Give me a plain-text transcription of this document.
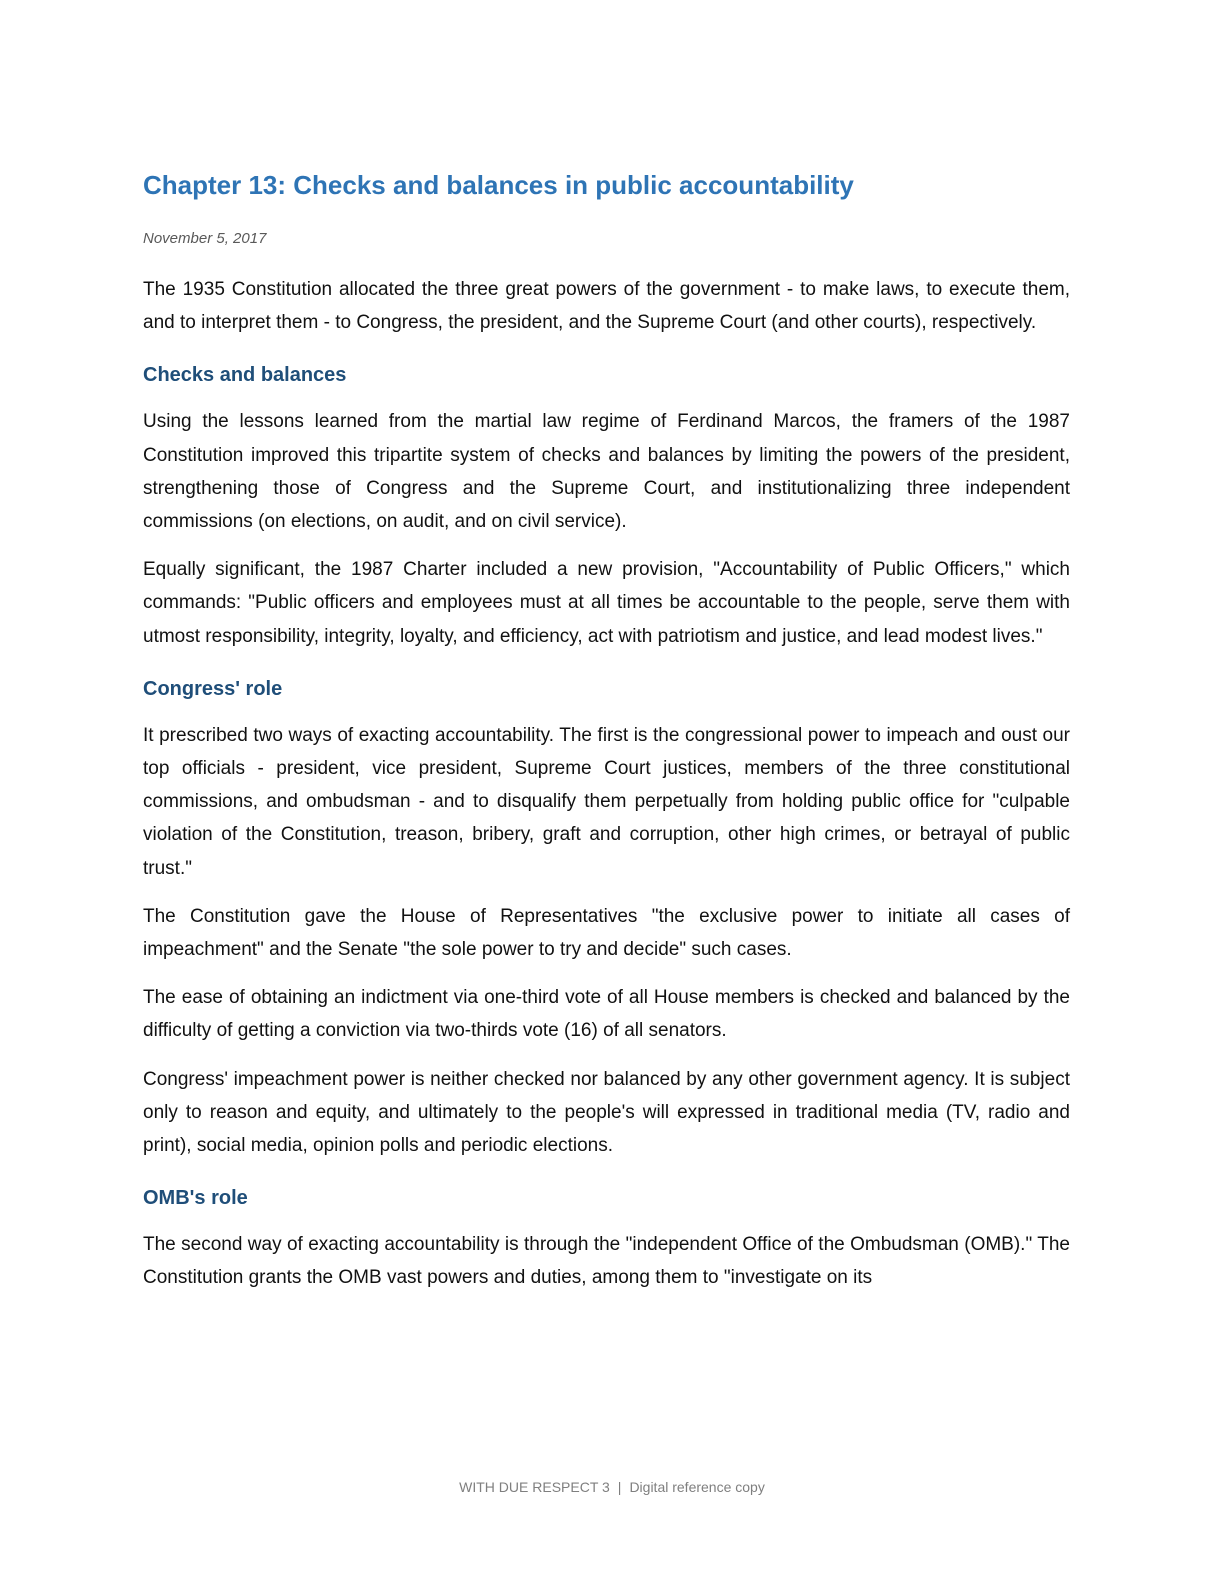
Chapter 13: Checks and balances in public accountability
November 5, 2017

The 1935 Constitution allocated the three great powers of the government - to make laws, to execute them, and to interpret them - to Congress, the president, and the Supreme Court (and other courts), respectively.

Checks and balances

Using the lessons learned from the martial law regime of Ferdinand Marcos, the framers of the 1987 Constitution improved this tripartite system of checks and balances by limiting the powers of the president, strengthening those of Congress and the Supreme Court, and institutionalizing three independent commissions (on elections, on audit, and on civil service).

Equally significant, the 1987 Charter included a new provision, "Accountability of Public Officers," which commands: "Public officers and employees must at all times be accountable to the people, serve them with utmost responsibility, integrity, loyalty, and efficiency, act with patriotism and justice, and lead modest lives."

Congress' role

It prescribed two ways of exacting accountability. The first is the congressional power to impeach and oust our top officials - president, vice president, Supreme Court justices, members of the three constitutional commissions, and ombudsman - and to disqualify them perpetually from holding public office for "culpable violation of the Constitution, treason, bribery, graft and corruption, other high crimes, or betrayal of public trust."

The Constitution gave the House of Representatives "the exclusive power to initiate all cases of impeachment" and the Senate "the sole power to try and decide" such cases.

The ease of obtaining an indictment via one-third vote of all House members is checked and balanced by the difficulty of getting a conviction via two-thirds vote (16) of all senators.

Congress' impeachment power is neither checked nor balanced by any other government agency. It is subject only to reason and equity, and ultimately to the people's will expressed in traditional media (TV, radio and print), social media, opinion polls and periodic elections.

OMB's role

The second way of exacting accountability is through the "independent Office of the Ombudsman (OMB)." The Constitution grants the OMB vast powers and duties, among them to "investigate on its

WITH DUE RESPECT 3 | Digital reference copy
